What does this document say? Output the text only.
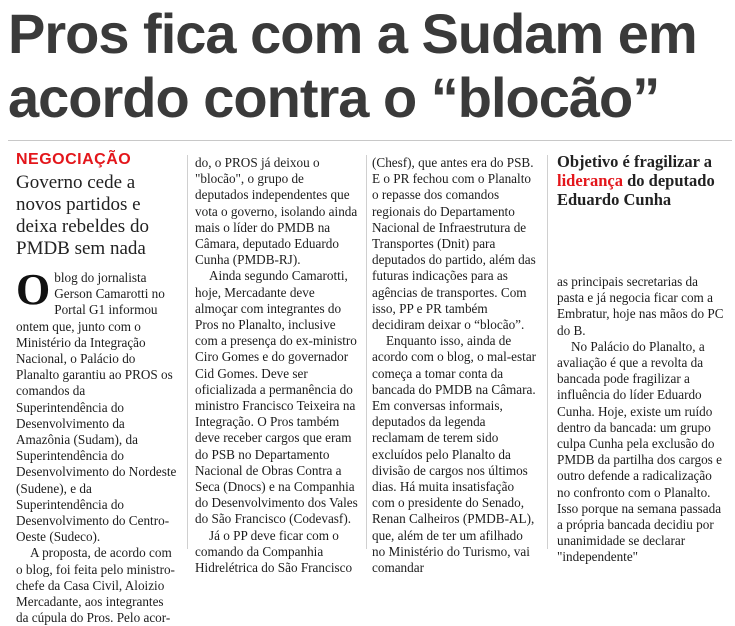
Pros fica com a Sudam em acordo contra o “blocão”
NEGOCIAÇÃO
Governo cede a novos partidos e deixa rebeldes do PMDB sem nada

Oblog do jornalista Gerson Camarotti no Portal G1 informou ontem que, junto com o Ministério da Integração Nacional, o Palácio do Planalto garantiu ao PROS os comandos da Superintendência do Desenvolvimento da Amazônia (Sudam), da Superintendência do Desenvolvimento do Nordeste (Sudene), e da Superintendência do Desenvolvimento do Centro-Oeste (Sudeco).

A proposta, de acordo com o blog, foi feita pelo ministro-chefe da Casa Civil, Aloizio Mercadante, aos integrantes da cúpula do Pros. Pelo acor-

do, o PROS já deixou o "blocão", o grupo de deputados independentes que vota o governo, isolando ainda mais o líder do PMDB na Câmara, deputado Eduardo Cunha (PMDB-RJ).

Ainda segundo Camarotti, hoje, Mercadante deve almoçar com integrantes do Pros no Planalto, inclusive com a presença do ex-ministro Ciro Gomes e do governador Cid Gomes. Deve ser oficializada a permanência do ministro Francisco Teixeira na Integração. O Pros também deve receber cargos que eram do PSB no Departamento Nacional de Obras Contra a Seca (Dnocs) e na Companhia do Desenvolvimento dos Vales do São Francisco (Codevasf).

Já o PP deve ficar com o comando da Companhia Hidrelétrica do São Francisco

(Chesf), que antes era do PSB. E o PR fechou com o Planalto o repasse dos comandos regionais do Departamento Nacional de Infraestrutura de Transportes (Dnit) para deputados do partido, além das futuras indicações para as agências de transportes. Com isso, PP e PR também decidiram deixar o “blocão”.

Enquanto isso, ainda de acordo com o blog, o mal-estar começa a tomar conta da bancada do PMDB na Câmara. Em conversas informais, deputados da legenda reclamam de terem sido excluídos pelo Planalto da divisão de cargos nos últimos dias. Há muita insatisfação com o presidente do Senado, Renan Calheiros (PMDB-AL), que, além de ter um afilhado no Ministério do Turismo, vai comandar

Objetivo é fragilizar a liderança do deputado Eduardo Cunha

as principais secretarias da pasta e já negocia ficar com a Embratur, hoje nas mãos do PC do B.

No Palácio do Planalto, a avaliação é que a revolta da bancada pode fragilizar a influência do líder Eduardo Cunha. Hoje, existe um ruído dentro da bancada: um grupo culpa Cunha pela exclusão do PMDB da partilha dos cargos e outro defende a radicalização no confronto com o Planalto. Isso porque na semana passada a própria bancada decidiu por unanimidade se declarar "independente"
